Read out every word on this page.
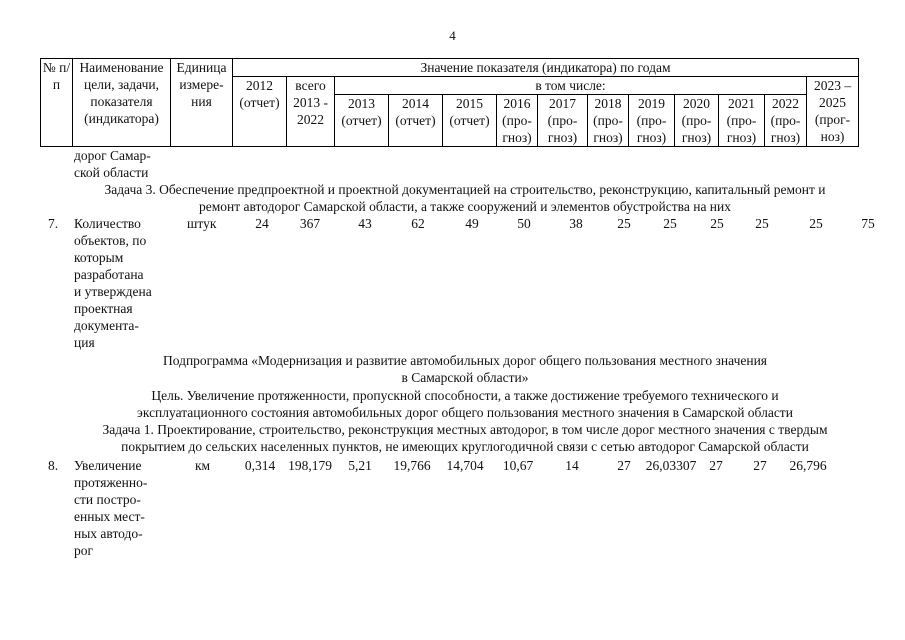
4
№ п/п	Наименование цели, задачи, показателя (индикатора)	Единица измере-ния	Значение показателя (индикатора) по годам												
			2012 (отчет)	всего 2013 - 2022	в том числе:										2023 – 2025 (прог-ноз)
					2013 (отчет)	2014 (отчет)	2015 (отчет)	2016 (про-гноз)	2017 (про-гноз)	2018 (про-гноз)	2019 (про-гноз)	2020 (про-гноз)	2021 (про-гноз)	2022 (про-гноз)	
дорог Самар-
ской области
Задача 3. Обеспечение предпроектной и проектной документацией на строительство, реконструкцию, капитальный ремонт и
ремонт автодорог Самарской области, а также сооружений и элементов обустройства на них
7. Количество
объектов, по
которым
разработана
и утверждена
проектная
документа-
ция
штук	24	367	43	62	49	50	38	25	25	25	25	25	75
Подпрограмма «Модернизация и развитие автомобильных дорог общего пользования местного значения
в Самарской области»
Цель. Увеличение протяженности, пропускной способности, а также достижение требуемого технического и
эксплуатационного состояния автомобильных дорог общего пользования местного значения в Самарской области
Задача 1. Проектирование, строительство, реконструкция местных автодорог, в том числе дорог местного значения с твердым
покрытием до сельских населенных пунктов, не имеющих круглогодичной связи с сетью автодорог Самарской области
8. Увеличение
протяженно-
сти постро-
енных мест-
ных автодо-
рог
км	0,314 198,179	5,21	19,766	14,704	10,67	14	27	26,03307 27	27	26,796
